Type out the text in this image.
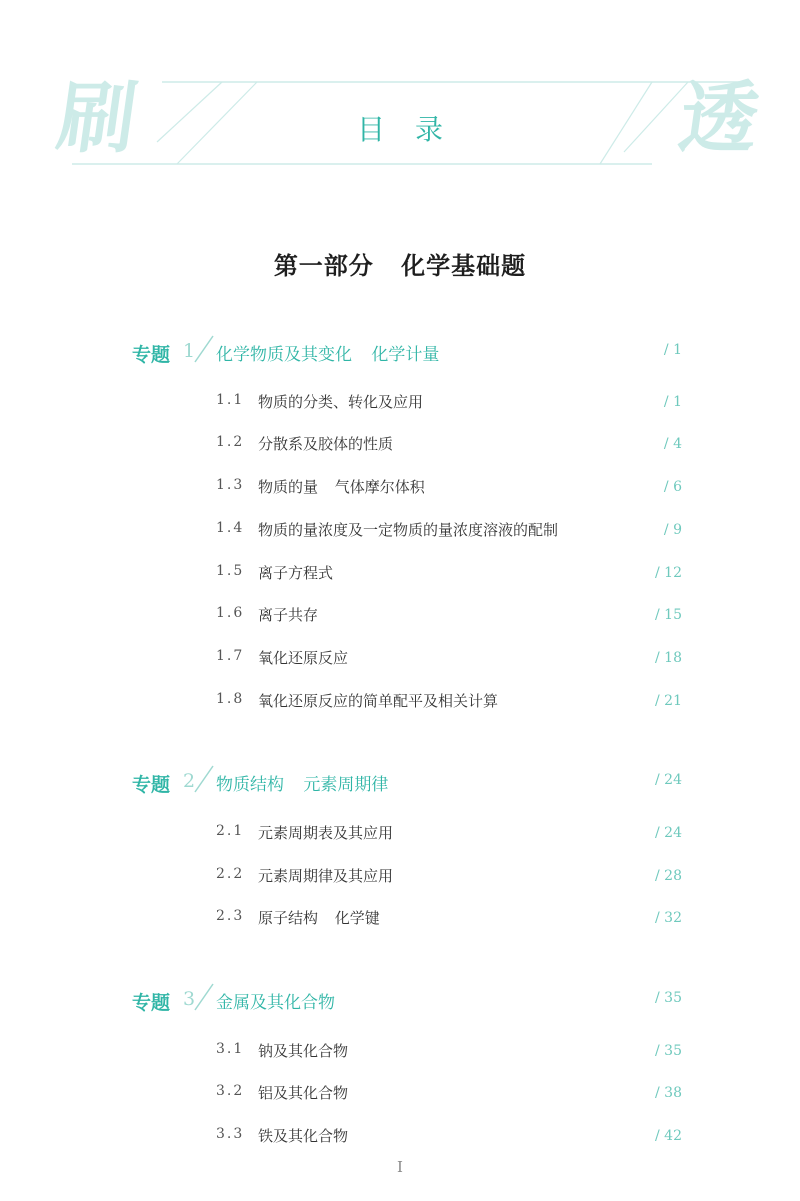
刷	透
目录
第一部分 化学基础题
专题 1 化学物质及其变化 化学计量	/ 1
1.1 物质的分类、转化及应用	/ 1
1.2 分散系及胶体的性质	/ 4
1.3 物质的量 气体摩尔体积	/ 6
1.4 物质的量浓度及一定物质的量浓度溶液的配制	/ 9
1.5 离子方程式	/ 12
1.6 离子共存	/ 15
1.7 氧化还原反应	/ 18
1.8 氧化还原反应的简单配平及相关计算	/ 21
专题 2 物质结构 元素周期律	/ 24
2.1 元素周期表及其应用	/ 24
2.2 元素周期律及其应用	/ 28
2.3 原子结构 化学键	/ 32
专题 3 金属及其化合物	/ 35
3.1 钠及其化合物	/ 35
3.2 铝及其化合物	/ 38
3.3 铁及其化合物	/ 42
I
